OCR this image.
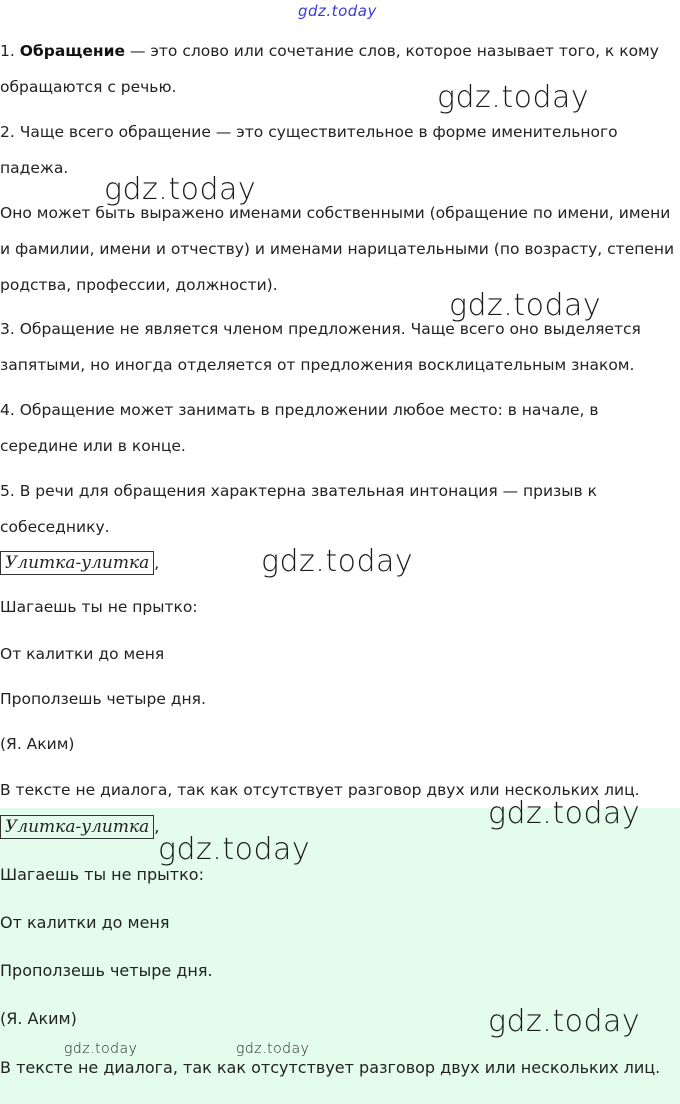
gdz.today

1. Обращение — это слово или сочетание слов, которое называет того, к кому обращаются с речью.

2. Чаще всего обращение — это существительное в форме именительного падежа.

Оно может быть выражено именами собственными (обращение по имени, имени и фамилии, имени и отчеству) и именами нарицательными (по возрасту, степени родства, профессии, должности).

3. Обращение не является членом предложения. Чаще всего оно выделяется запятыми, но иногда отделяется от предложения восклицательным знаком.

4. Обращение может занимать в предложении любое место: в начале, в середине или в конце.

5. В речи для обращения характерна звательная интонация — призыв к собеседнику.

Улитка-улитка ,

Шагаешь ты не прытко:

От калитки до меня

Проползешь четыре дня.

(Я. Аким)

В тексте не диалога, так как отсутствует разговор двух или нескольких лиц.

Улитка-улитка ,

Шагаешь ты не прытко:

От калитки до меня

Проползешь четыре дня.

(Я. Аким)

В тексте не диалога, так как отсутствует разговор двух или нескольких лиц.

gdz.today
gdz.today
gdz.today
gdz.today
gdz.today
gdz.today
gdz.today
gdz.today	gdz.today
